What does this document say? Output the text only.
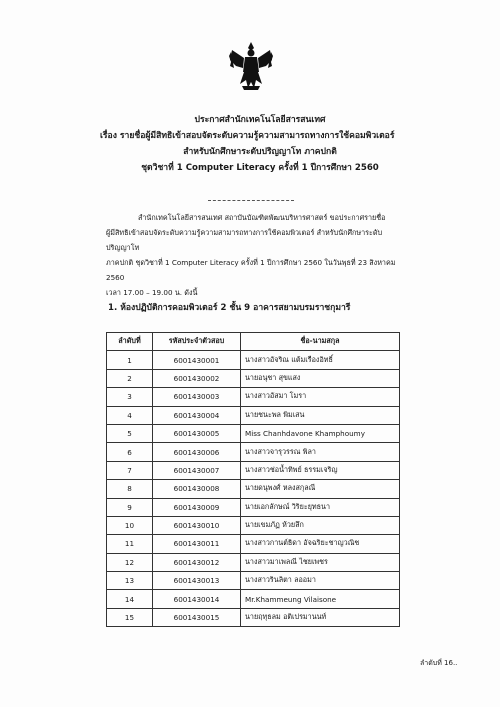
ประกาศสำนักเทคโนโลยีสารสนเทศ
เรื่อง รายชื่อผู้มีสิทธิเข้าสอบจัดระดับความรู้ความสามารถทางการใช้คอมพิวเตอร์
สำหรับนักศึกษาระดับปริญญาโท ภาคปกติ
ชุดวิชาที่ 1 Computer Literacy ครั้งที่ 1 ปีการศึกษา 2560
สำนักเทคโนโลยีสารสนเทศ สถาบันบัณฑิตพัฒนบริหารศาสตร์ ขอประกาศรายชื่อ
ผู้มีสิทธิเข้าสอบจัดระดับความรู้ความสามารถทางการใช้คอมพิวเตอร์ สำหรับนักศึกษาระดับ ปริญญาโท
ภาคปกติ ชุดวิชาที่ 1 Computer Literacy ครั้งที่ 1 ปีการศึกษา 2560 ในวันพุธที่ 23 สิงหาคม 2560
เวลา 17.00 – 19.00 น. ดังนี้
1. ห้องปฏิบัติการคอมพิวเตอร์ 2 ชั้น 9 อาคารสยามบรมราชกุมารี
ลำดับที่	รหัสประจำตัวสอบ	ชื่อ-นามสกุล
1	6001430001	นางสาวอัจริณ แต้มเรืองอิทธิ์
2	6001430002	นายอนุชา สุขแสง
3	6001430003	นางสาวอัสมา โมรา
4	6001430004	นายชนะพล พิมเสน
5	6001430005	Miss Chanhdavone Khamphoumy
6	6001430006	นางสาวจารุวรรณ พิลา
7	6001430007	นางสาวช่อน้ำทิพย์ ธรรมเจริญ
8	6001430008	นายดนุพงศ์ หลงสกุลณี
9	6001430009	นายเอกลักษณ์ วิริยะยุทธนา
10	6001430010	นายเขมภัฏ ห้วยลึก
11	6001430011	นางสาวกานต์ธิดา อัจฉริยะชาญวณิช
12	6001430012	นางสาวมาเพลณี ไชยเพชร
13	6001430013	นางสาวรินลิตา ลออมา
14	6001430014	Mr.Khammeung Vilaisone
15	6001430015	นายฤทุธลม อติเปรมานนท์
ลำดับที่ 16..
